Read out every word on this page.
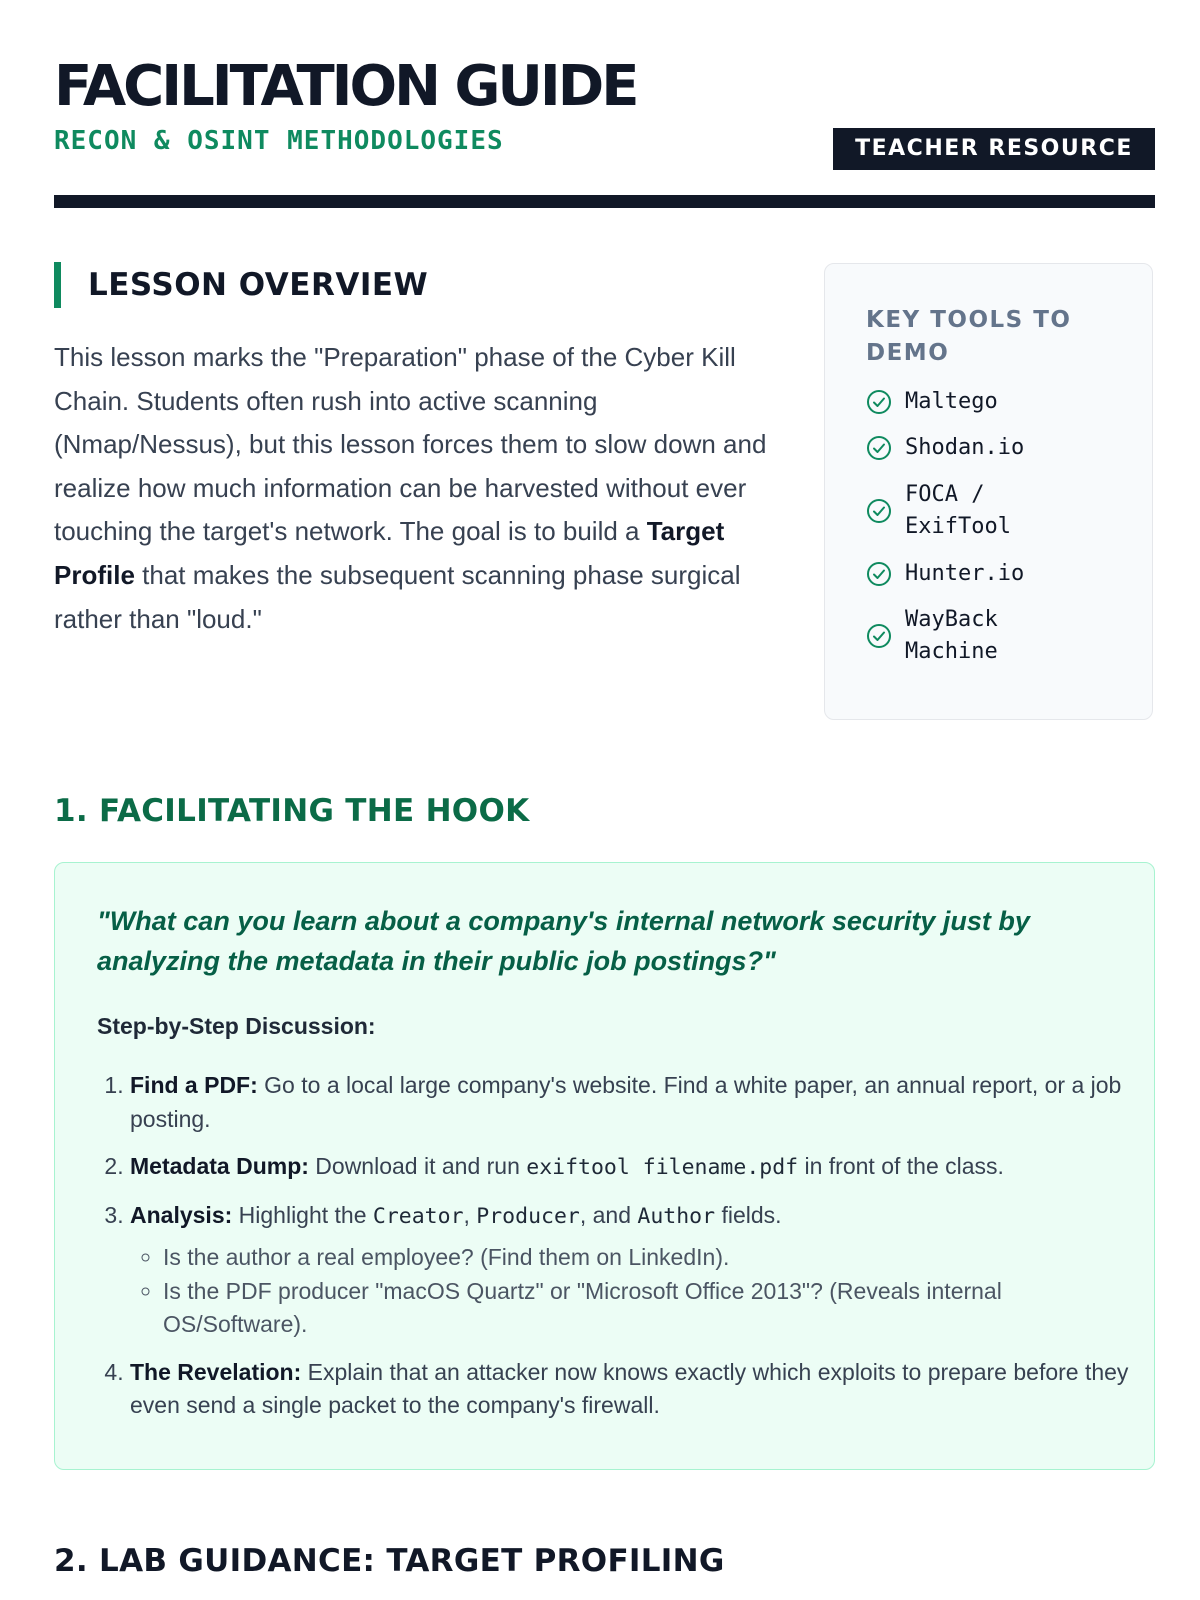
FACILITATION GUIDE
RECON & OSINT METHODOLOGIES	TEACHER RESOURCE
LESSON OVERVIEW

This lesson marks the "Preparation" phase of the Cyber Kill Chain. Students often rush into active scanning (Nmap/Nessus), but this lesson forces them to slow down and realize how much information can be harvested without ever touching the target's network. The goal is to build a Target Profile that makes the subsequent scanning phase surgical rather than "loud."

KEY TOOLS TO DEMO
Maltego
Shodan.io
FOCA / ExifTool
Hunter.io
WayBack Machine
1. FACILITATING THE HOOK
"What can you learn about a company's internal network security just by analyzing the metadata in their public job postings?"
Step-by-Step Discussion:
1. Find a PDF: Go to a local large company's website. Find a white paper, an annual report, or a job posting.
2. Metadata Dump: Download it and run exiftool filename.pdf in front of the class.
3. Analysis: Highlight the Creator, Producer, and Author fields.
◦ Is the author a real employee? (Find them on LinkedIn).
◦ Is the PDF producer "macOS Quartz" or "Microsoft Office 2013"? (Reveals internal OS/Software).
4. The Revelation: Explain that an attacker now knows exactly which exploits to prepare before they even send a single packet to the company's firewall.
2. LAB GUIDANCE: TARGET PROFILING
